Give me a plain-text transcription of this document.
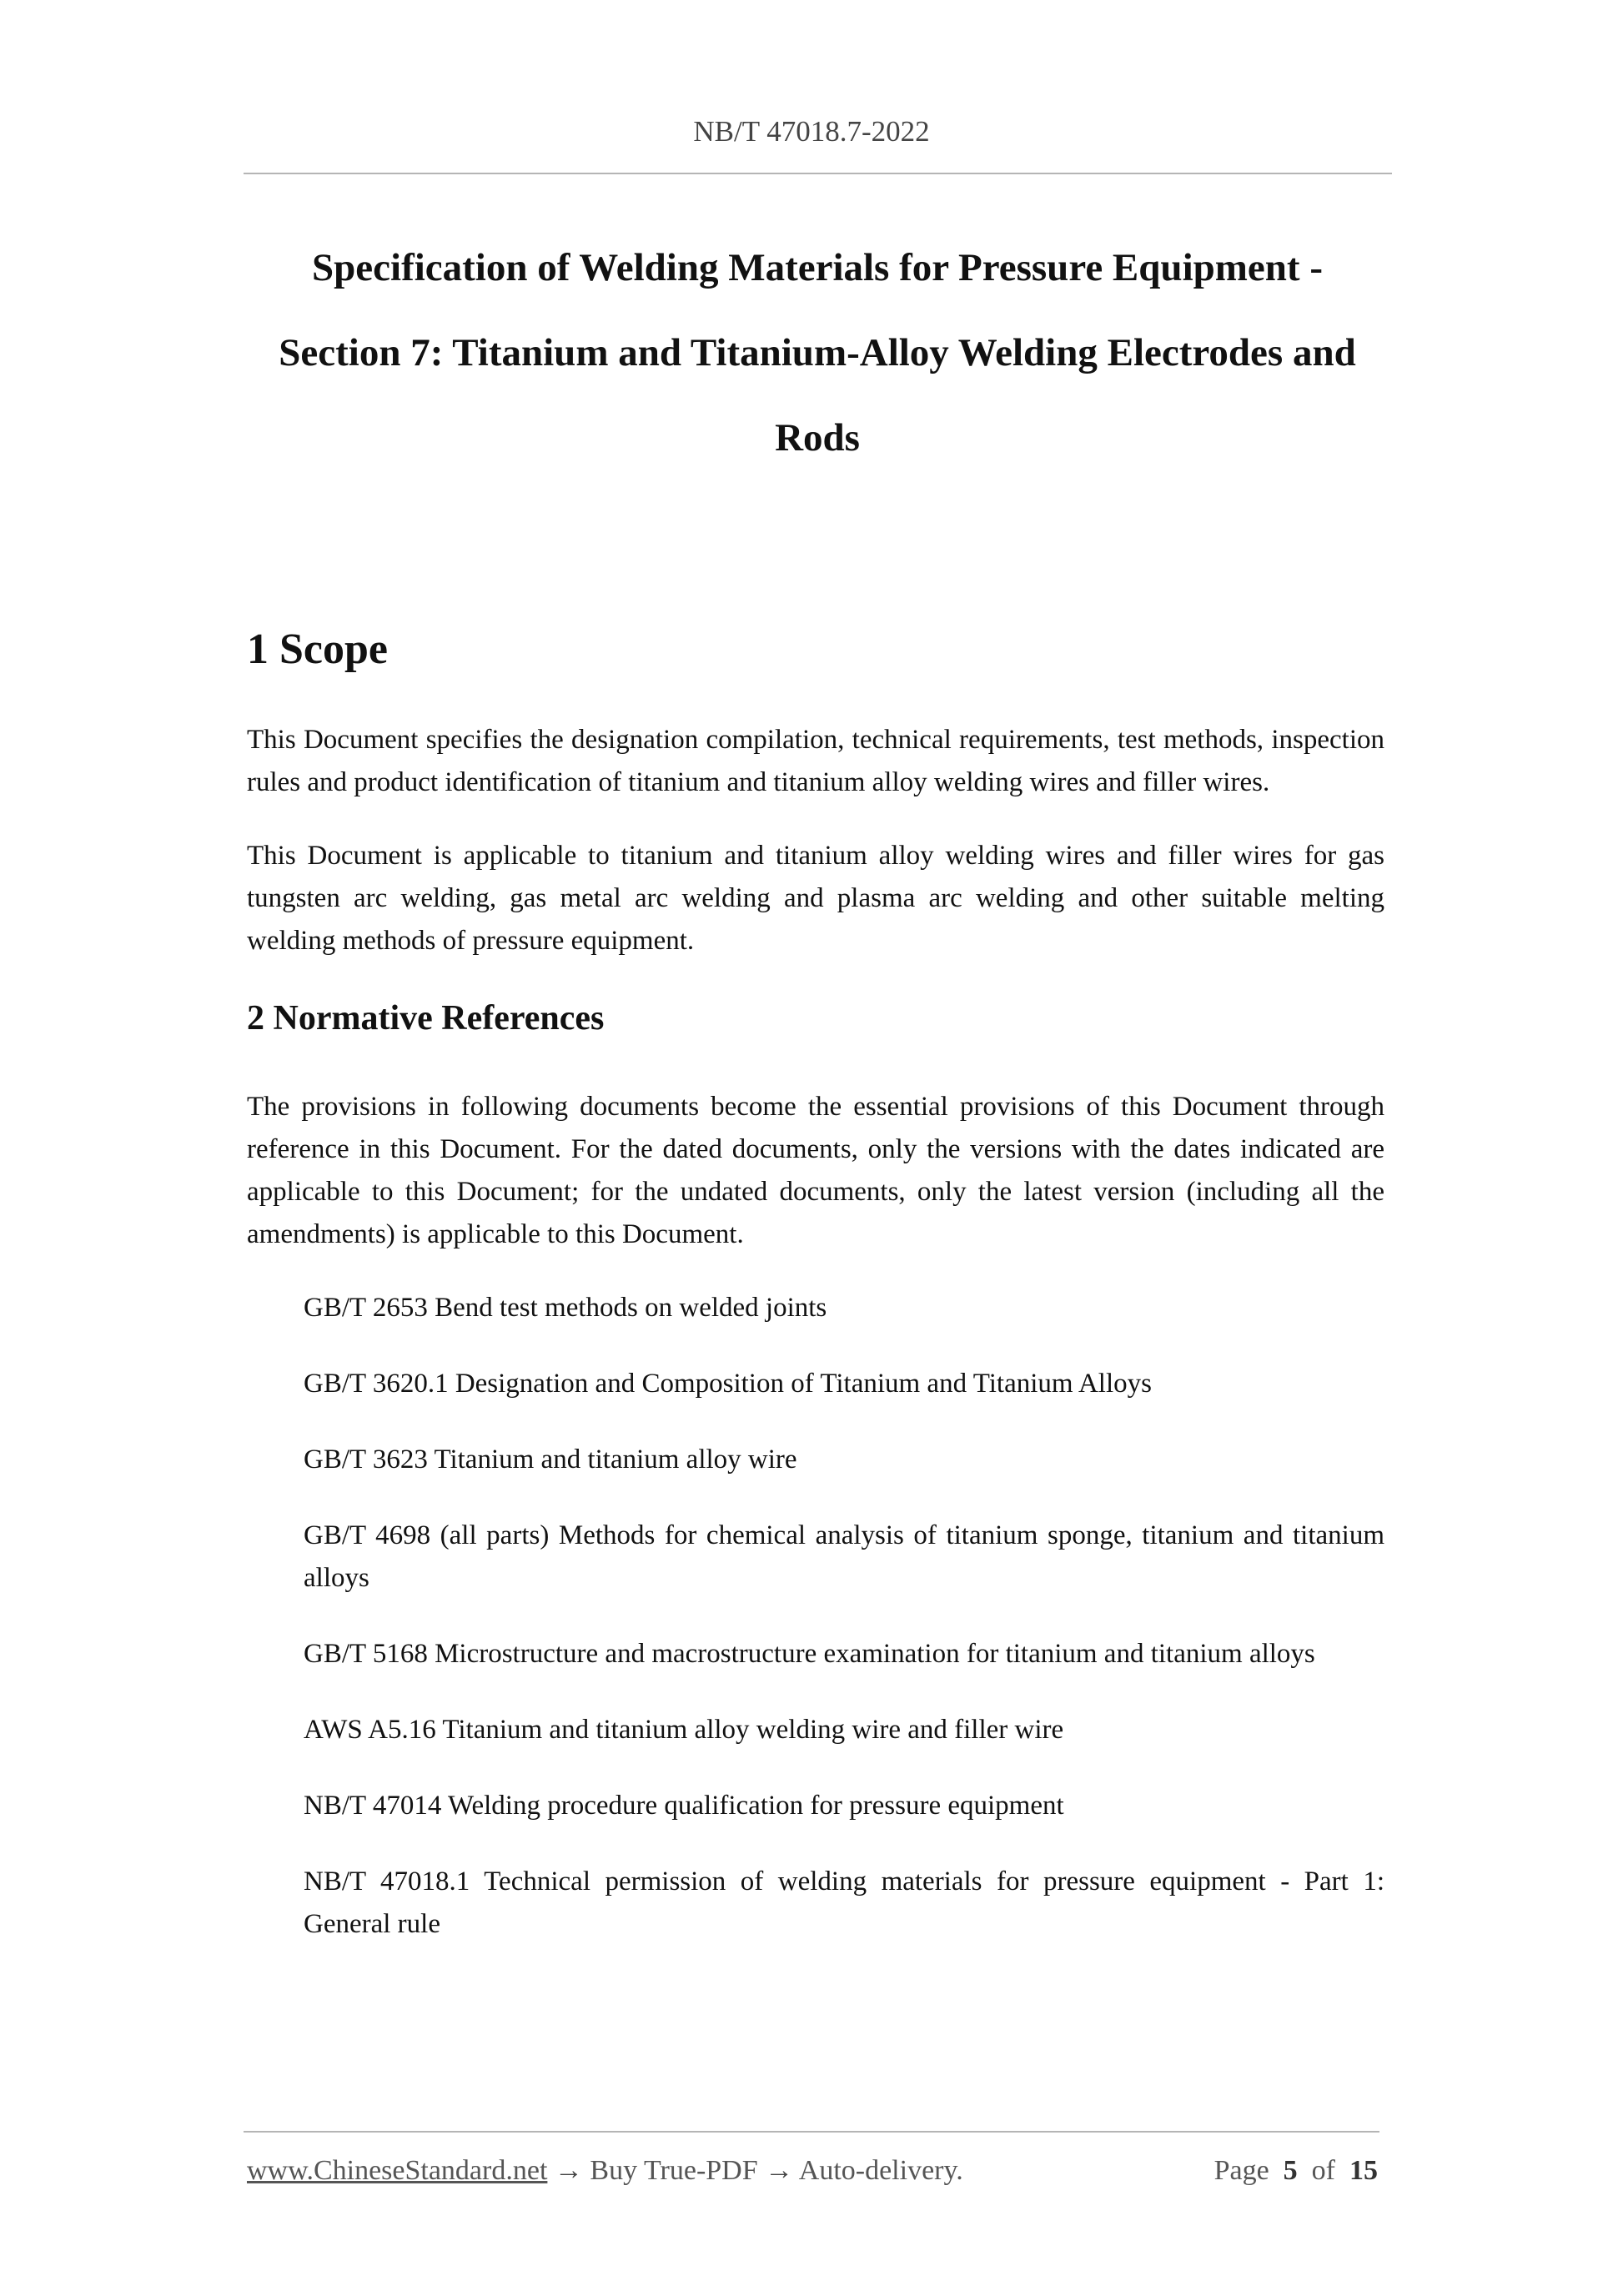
NB/T 47018.7-2022
Specification of Welding Materials for Pressure Equipment -
Section 7: Titanium and Titanium-Alloy Welding Electrodes and
Rods
1 Scope

This Document specifies the designation compilation, technical requirements, test methods, inspection rules and product identification of titanium and titanium alloy welding wires and filler wires.

This Document is applicable to titanium and titanium alloy welding wires and filler wires for gas tungsten arc welding, gas metal arc welding and plasma arc welding and other suitable melting welding methods of pressure equipment.

2 Normative References

The provisions in following documents become the essential provisions of this Document through reference in this Document. For the dated documents, only the versions with the dates indicated are applicable to this Document; for the undated documents, only the latest version (including all the amendments) is applicable to this Document.

GB/T 2653 Bend test methods on welded joints
GB/T 3620.1 Designation and Composition of Titanium and Titanium Alloys
GB/T 3623 Titanium and titanium alloy wire
GB/T 4698 (all parts) Methods for chemical analysis of titanium sponge, titanium and titanium alloys
GB/T 5168 Microstructure and macrostructure examination for titanium and titanium alloys
AWS A5.16 Titanium and titanium alloy welding wire and filler wire
NB/T 47014 Welding procedure qualification for pressure equipment
NB/T 47018.1 Technical permission of welding materials for pressure equipment - Part 1: General rule
www.ChineseStandard.net → Buy True-PDF → Auto-delivery.	Page 5 of 15
